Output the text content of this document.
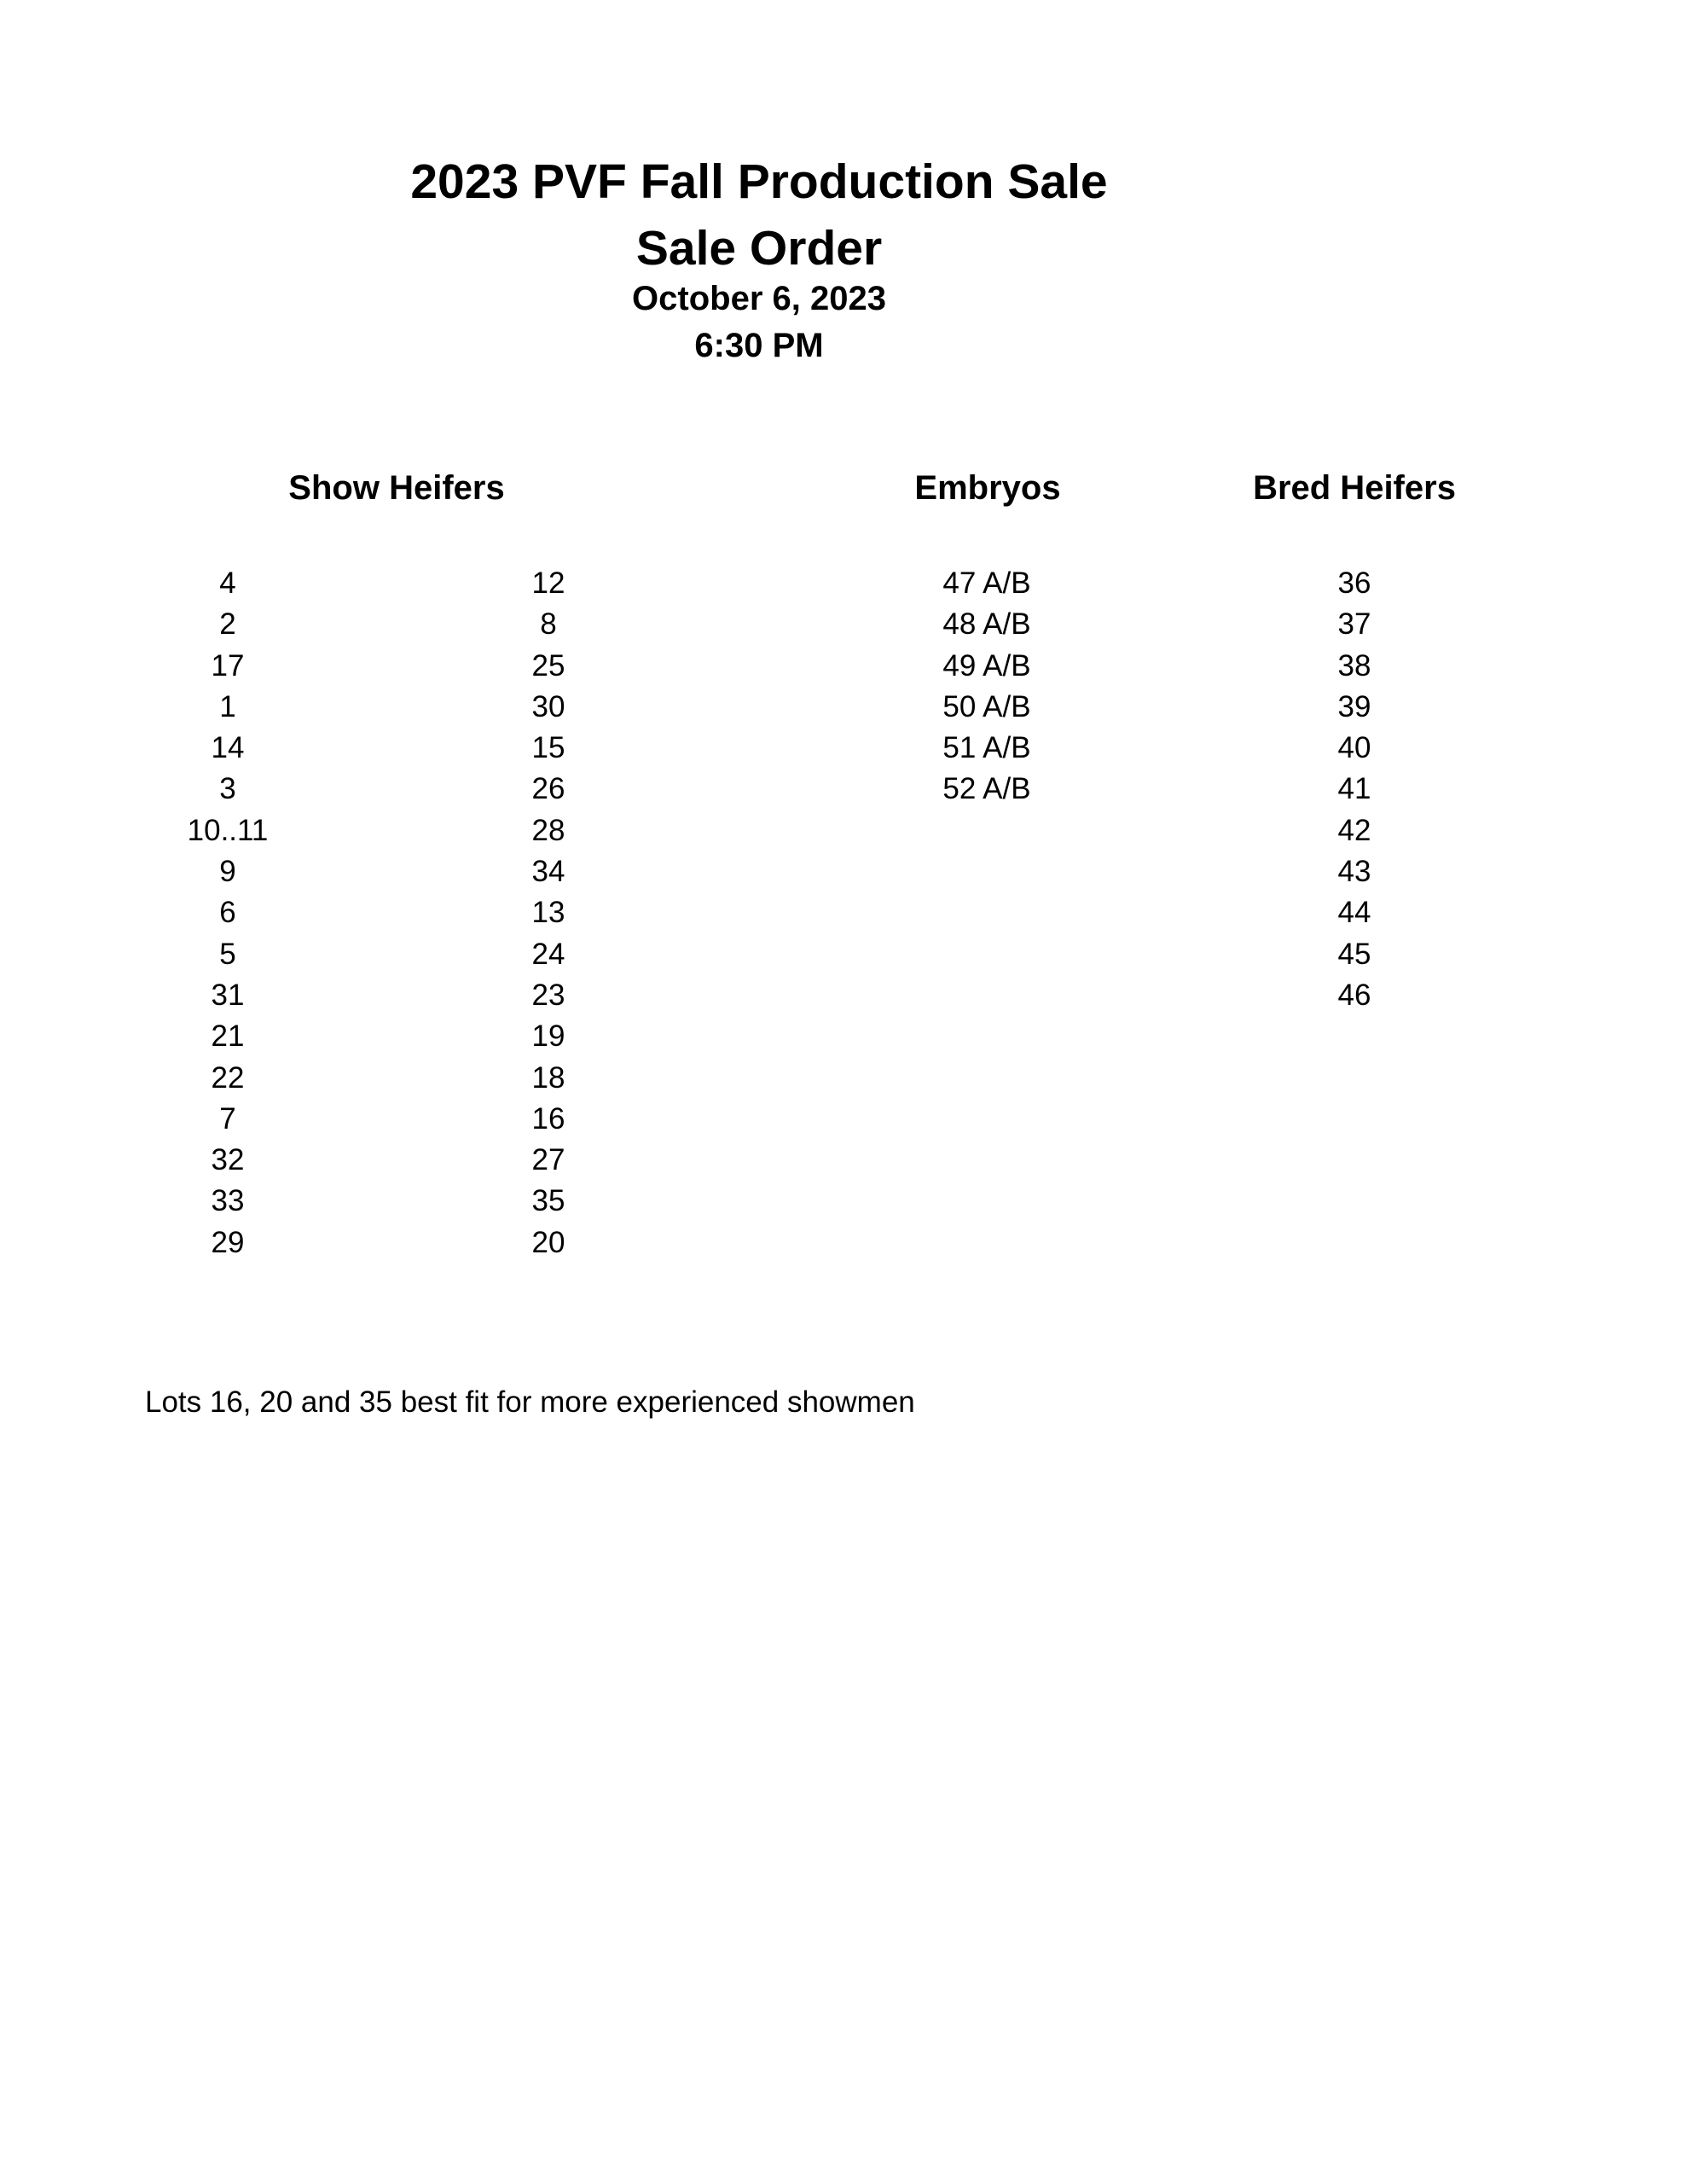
2023 PVF Fall Production Sale
Sale Order
October 6, 2023
6:30 PM
Show Heifers	Embryos	Bred Heifers
4
2
17
1
14
3
10..11
9
6
5
31
21
22
7
32
33
29
12
8
25
30
15
26
28
34
13
24
23
19
18
16
27
35
20
47 A/B
48 A/B
49 A/B
50 A/B
51 A/B
52 A/B
36
37
38
39
40
41
42
43
44
45
46
Lots 16, 20 and 35 best fit for more experienced showmen
